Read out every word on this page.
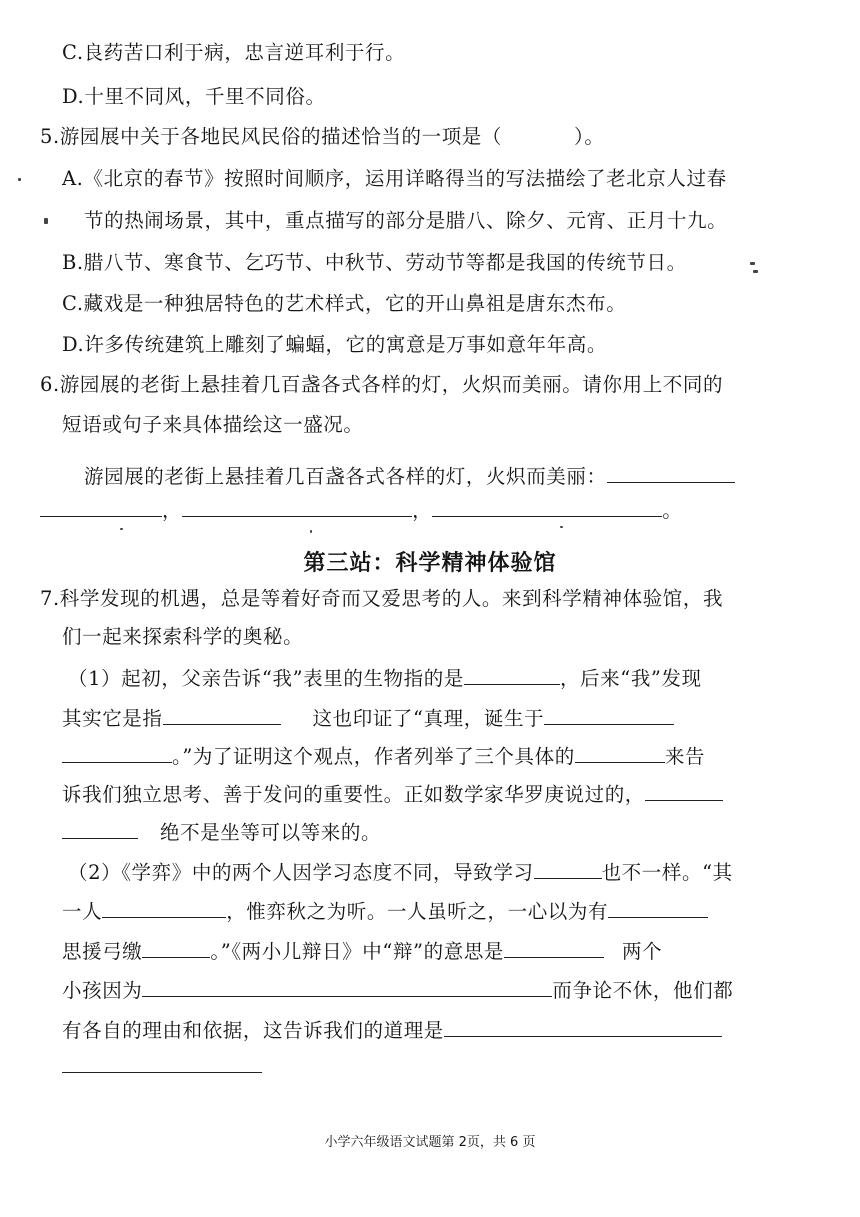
C.良药苦口利于病，忠言逆耳利于行。
D.十里不同风，千里不同俗。
5.游园展中关于各地民风民俗的描述恰当的一项是（	）。
A.《北京的春节》按照时间顺序，运用详略得当的写法描绘了老北京人过春
节的热闹场景，其中，重点描写的部分是腊八、除夕、元宵、正月十九。
B.腊八节、寒食节、乞巧节、中秋节、劳动节等都是我国的传统节日。
C.藏戏是一种独居特色的艺术样式，它的开山鼻祖是唐东杰布。
D.许多传统建筑上雕刻了蝙蝠，它的寓意是万事如意年年高。
6.游园展的老街上悬挂着几百盏各式各样的灯，火炽而美丽。请你用上不同的
短语或句子来具体描绘这一盛况。
游园展的老街上悬挂着几百盏各式各样的灯，火炽而美丽：
，	，	。
第三站：科学精神体验馆
7.科学发现的机遇，总是等着好奇而又爱思考的人。来到科学精神体验馆，我
们一起来探索科学的奥秘。
（1）起初，父亲告诉“我”表里的生物指的是	，后来“我”发现
其实它是指	这也印证了“真理，诞生于
。”为了证明这个观点，作者列举了三个具体的	来告
诉我们独立思考、善于发问的重要性。正如数学家华罗庚说过的，
绝不是坐等可以等来的。
（2）《学弈》中的两个人因学习态度不同，导致学习	也不一样。“其
一人	，惟弈秋之为听。一人虽听之，一心以为有
思援弓缴	。”《两小儿辩日》中“辩”的意思是	两个
小孩因为	而争论不休，他们都
有各自的理由和依据，这告诉我们的道理是
小学六年级语文试题第 2页，共 6 页
